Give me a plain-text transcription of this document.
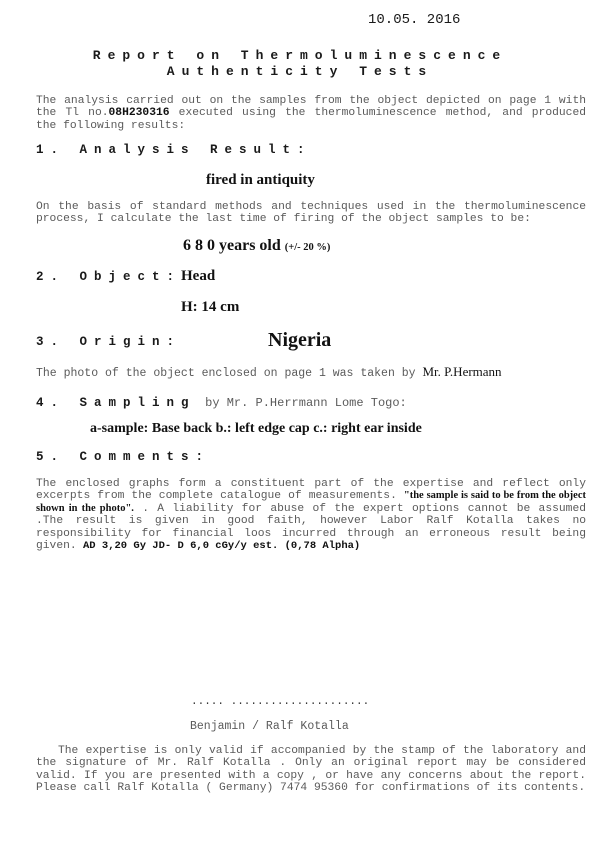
10.05. 2016
Report on Thermoluminescence
Authenticity Tests
The analysis carried out on the samples from the object depicted on page 1 with the Tl no.08H230316 executed using the thermoluminescence method, and produced the following results:
1. Analysis Result:
fired in antiquity
On the basis of standard methods and techniques used in the thermoluminescence process, I calculate the last time of firing of the object samples to be:
6 8 0 years old (+/- 20 %)
2. Object: Head
H: 14 cm
3. Origin:	Nigeria
The photo of the object enclosed on page 1 was taken by Mr. P.Hermann
4. Sampling by Mr. P.Herrmann Lome Togo:
a-sample: Base back b.: left edge cap c.: right ear inside
5. Comments:
The enclosed graphs form a constituent part of the expertise and reflect only excerpts from the complete catalogue of measurements. "the sample is said to be from the object shown in the photo". . A liability for abuse of the expert options cannot be assumed .The result is given in good faith, however Labor Ralf Kotalla takes no responsibility for financial loos incurred through an erroneous result being given. AD 3,20 Gy JD- D 6,0 cGy/y est. (0,78 Alpha)
..... .....................
Benjamin / Ralf Kotalla
The expertise is only valid if accompanied by the stamp of the laboratory and the signature of Mr. Ralf Kotalla . Only an original report may be considered valid. If you are presented with a copy , or have any concerns about the report. Please call Ralf Kotalla ( Germany) 7474 95360 for confirmations of its contents.
